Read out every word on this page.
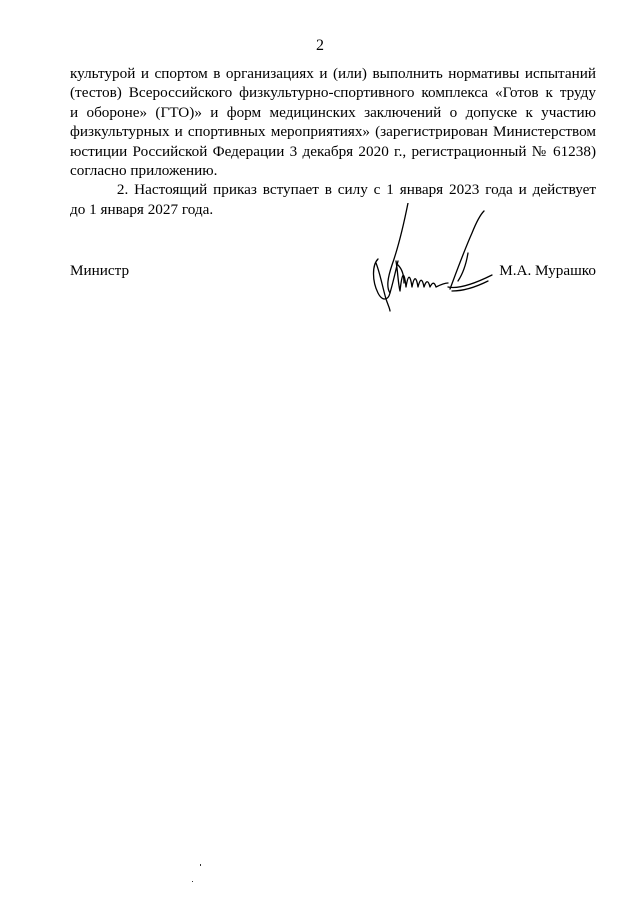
2

культурой и спортом в организациях и (или) выполнить нормативы испытаний
(тестов) Всероссийского физкультурно-спортивного комплекса «Готов к труду
и обороне» (ГТО)» и форм медицинских заключений о допуске к участию
физкультурных и спортивных мероприятиях» (зарегистрирован Министерством
юстиции Российской Федерации 3 декабря 2020 г., регистрационный № 61238)
согласно приложению.

2. Настоящий приказ вступает в силу с 1 января 2023 года и действует
до 1 января 2027 года.

Министр	М.А. Мурашко
